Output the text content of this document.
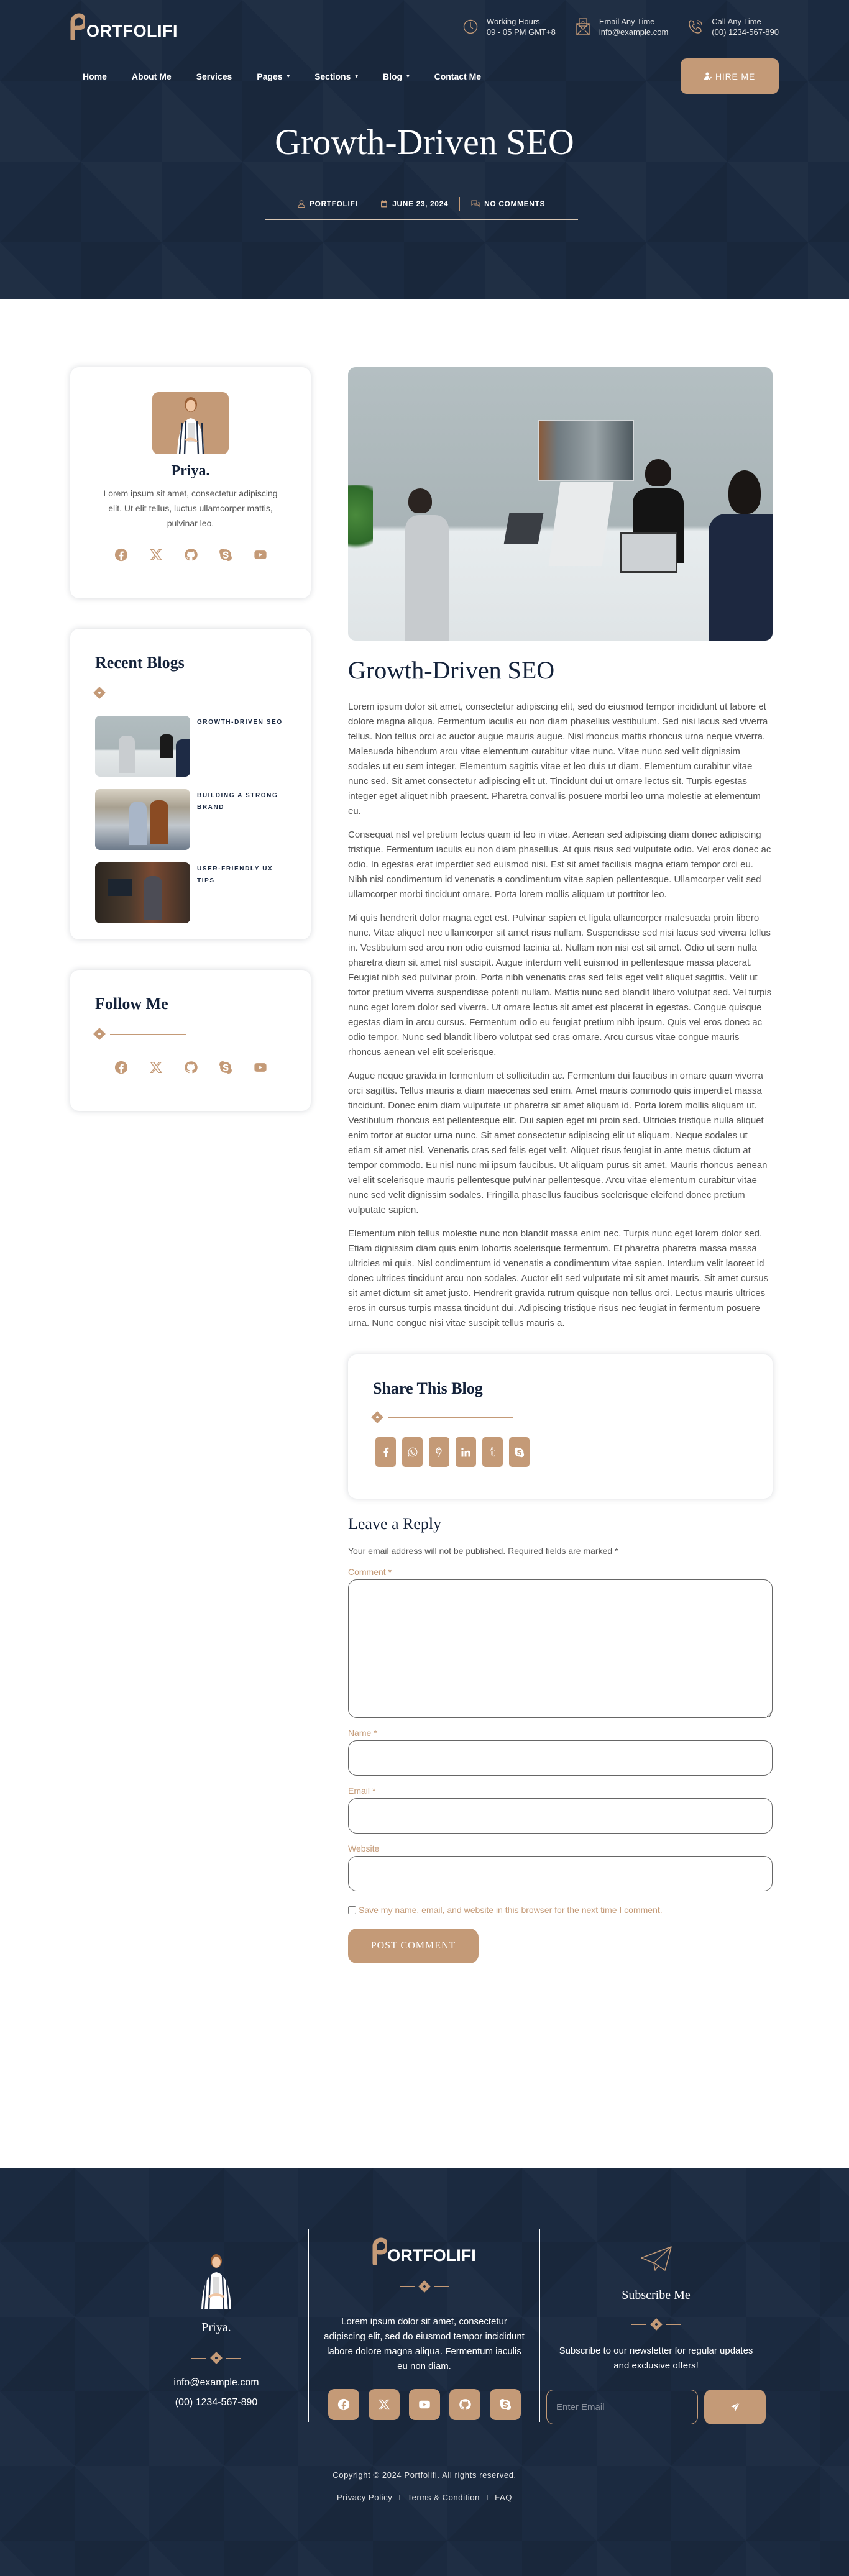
ORTFOLIFI
Working Hours
09 - 05 PM GMT+8
Email Any Time
info@example.com
Call Any Time
(00) 1234-567-890
Home	About Me	Services	Pages ▾	Sections ▾	Blog ▾	Contact Me	HIRE ME
Growth-Driven SEO
PORTFOLIFI	JUNE 23, 2024	NO COMMENTS
Priya.

Lorem ipsum sit amet, consectetur adipiscing elit. Ut elit tellus, luctus ullamcorper mattis, pulvinar leo.

Recent Blogs
GROWTH-DRIVEN SEO
BUILDING A STRONG BRAND
USER-FRIENDLY UX TIPS
Follow Me
Growth-Driven SEO

Lorem ipsum dolor sit amet, consectetur adipiscing elit, sed do eiusmod tempor incididunt ut labore et dolore magna aliqua. Fermentum iaculis eu non diam phasellus vestibulum. Sed nisi lacus sed viverra tellus. Non tellus orci ac auctor augue mauris augue. Nisl rhoncus mattis rhoncus urna neque viverra. Malesuada bibendum arcu vitae elementum curabitur vitae nunc. Vitae nunc sed velit dignissim sodales ut eu sem integer. Elementum sagittis vitae et leo duis ut diam. Elementum curabitur vitae nunc sed. Sit amet consectetur adipiscing elit ut. Tincidunt dui ut ornare lectus sit. Turpis egestas integer eget aliquet nibh praesent. Pharetra convallis posuere morbi leo urna molestie at elementum eu.

Consequat nisl vel pretium lectus quam id leo in vitae. Aenean sed adipiscing diam donec adipiscing tristique. Fermentum iaculis eu non diam phasellus. At quis risus sed vulputate odio. Vel eros donec ac odio. In egestas erat imperdiet sed euismod nisi. Est sit amet facilisis magna etiam tempor orci eu. Nibh nisl condimentum id venenatis a condimentum vitae sapien pellentesque. Ullamcorper velit sed ullamcorper morbi tincidunt ornare. Porta lorem mollis aliquam ut porttitor leo.

Mi quis hendrerit dolor magna eget est. Pulvinar sapien et ligula ullamcorper malesuada proin libero nunc. Vitae aliquet nec ullamcorper sit amet risus nullam. Suspendisse sed nisi lacus sed viverra tellus in. Vestibulum sed arcu non odio euismod lacinia at. Nullam non nisi est sit amet. Odio ut sem nulla pharetra diam sit amet nisl suscipit. Augue interdum velit euismod in pellentesque massa placerat. Feugiat nibh sed pulvinar proin. Porta nibh venenatis cras sed felis eget velit aliquet sagittis. Velit ut tortor pretium viverra suspendisse potenti nullam. Mattis nunc sed blandit libero volutpat sed. Vel turpis nunc eget lorem dolor sed viverra. Ut ornare lectus sit amet est placerat in egestas. Congue quisque egestas diam in arcu cursus. Fermentum odio eu feugiat pretium nibh ipsum. Quis vel eros donec ac odio tempor. Nunc sed blandit libero volutpat sed cras ornare. Arcu cursus vitae congue mauris rhoncus aenean vel elit scelerisque.

Augue neque gravida in fermentum et sollicitudin ac. Fermentum dui faucibus in ornare quam viverra orci sagittis. Tellus mauris a diam maecenas sed enim. Amet mauris commodo quis imperdiet massa tincidunt. Donec enim diam vulputate ut pharetra sit amet aliquam id. Porta lorem mollis aliquam ut. Vestibulum rhoncus est pellentesque elit. Dui sapien eget mi proin sed. Ultricies tristique nulla aliquet enim tortor at auctor urna nunc. Sit amet consectetur adipiscing elit ut aliquam. Neque sodales ut etiam sit amet nisl. Venenatis cras sed felis eget velit. Aliquet risus feugiat in ante metus dictum at tempor commodo. Eu nisl nunc mi ipsum faucibus. Ut aliquam purus sit amet. Mauris rhoncus aenean vel elit scelerisque mauris pellentesque pulvinar pellentesque. Arcu vitae elementum curabitur vitae nunc sed velit dignissim sodales. Fringilla phasellus faucibus scelerisque eleifend donec pretium vulputate sapien.

Elementum nibh tellus molestie nunc non blandit massa enim nec. Turpis nunc eget lorem dolor sed. Etiam dignissim diam quis enim lobortis scelerisque fermentum. Et pharetra pharetra massa massa ultricies mi quis. Nisl condimentum id venenatis a condimentum vitae sapien. Interdum velit laoreet id donec ultrices tincidunt arcu non sodales. Auctor elit sed vulputate mi sit amet mauris. Sit amet cursus sit amet dictum sit amet justo. Hendrerit gravida rutrum quisque non tellus orci. Lectus mauris ultrices eros in cursus turpis massa tincidunt dui. Adipiscing tristique risus nec feugiat in fermentum posuere urna. Nunc congue nisi vitae suscipit tellus mauris a.

Share This Blog
Leave a Reply

Your email address will not be published. Required fields are marked *

Comment *
Name *
Email *
Website
Save my name, email, and website in this browser for the next time I comment.
POST COMMENT
Priya.
info@example.com
(00) 1234-567-890
ORTFOLIFI

Lorem ipsum dolor sit amet, consectetur adipiscing elit, sed do eiusmod tempor incididunt labore dolore magna aliqua. Fermentum iaculis eu non diam.

Subscribe Me

Subscribe to our newsletter for regular updates and exclusive offers!

Enter Email
Copyright © 2024 Portfolifi. All rights reserved.
Privacy Policy I Terms & Condition I FAQ
